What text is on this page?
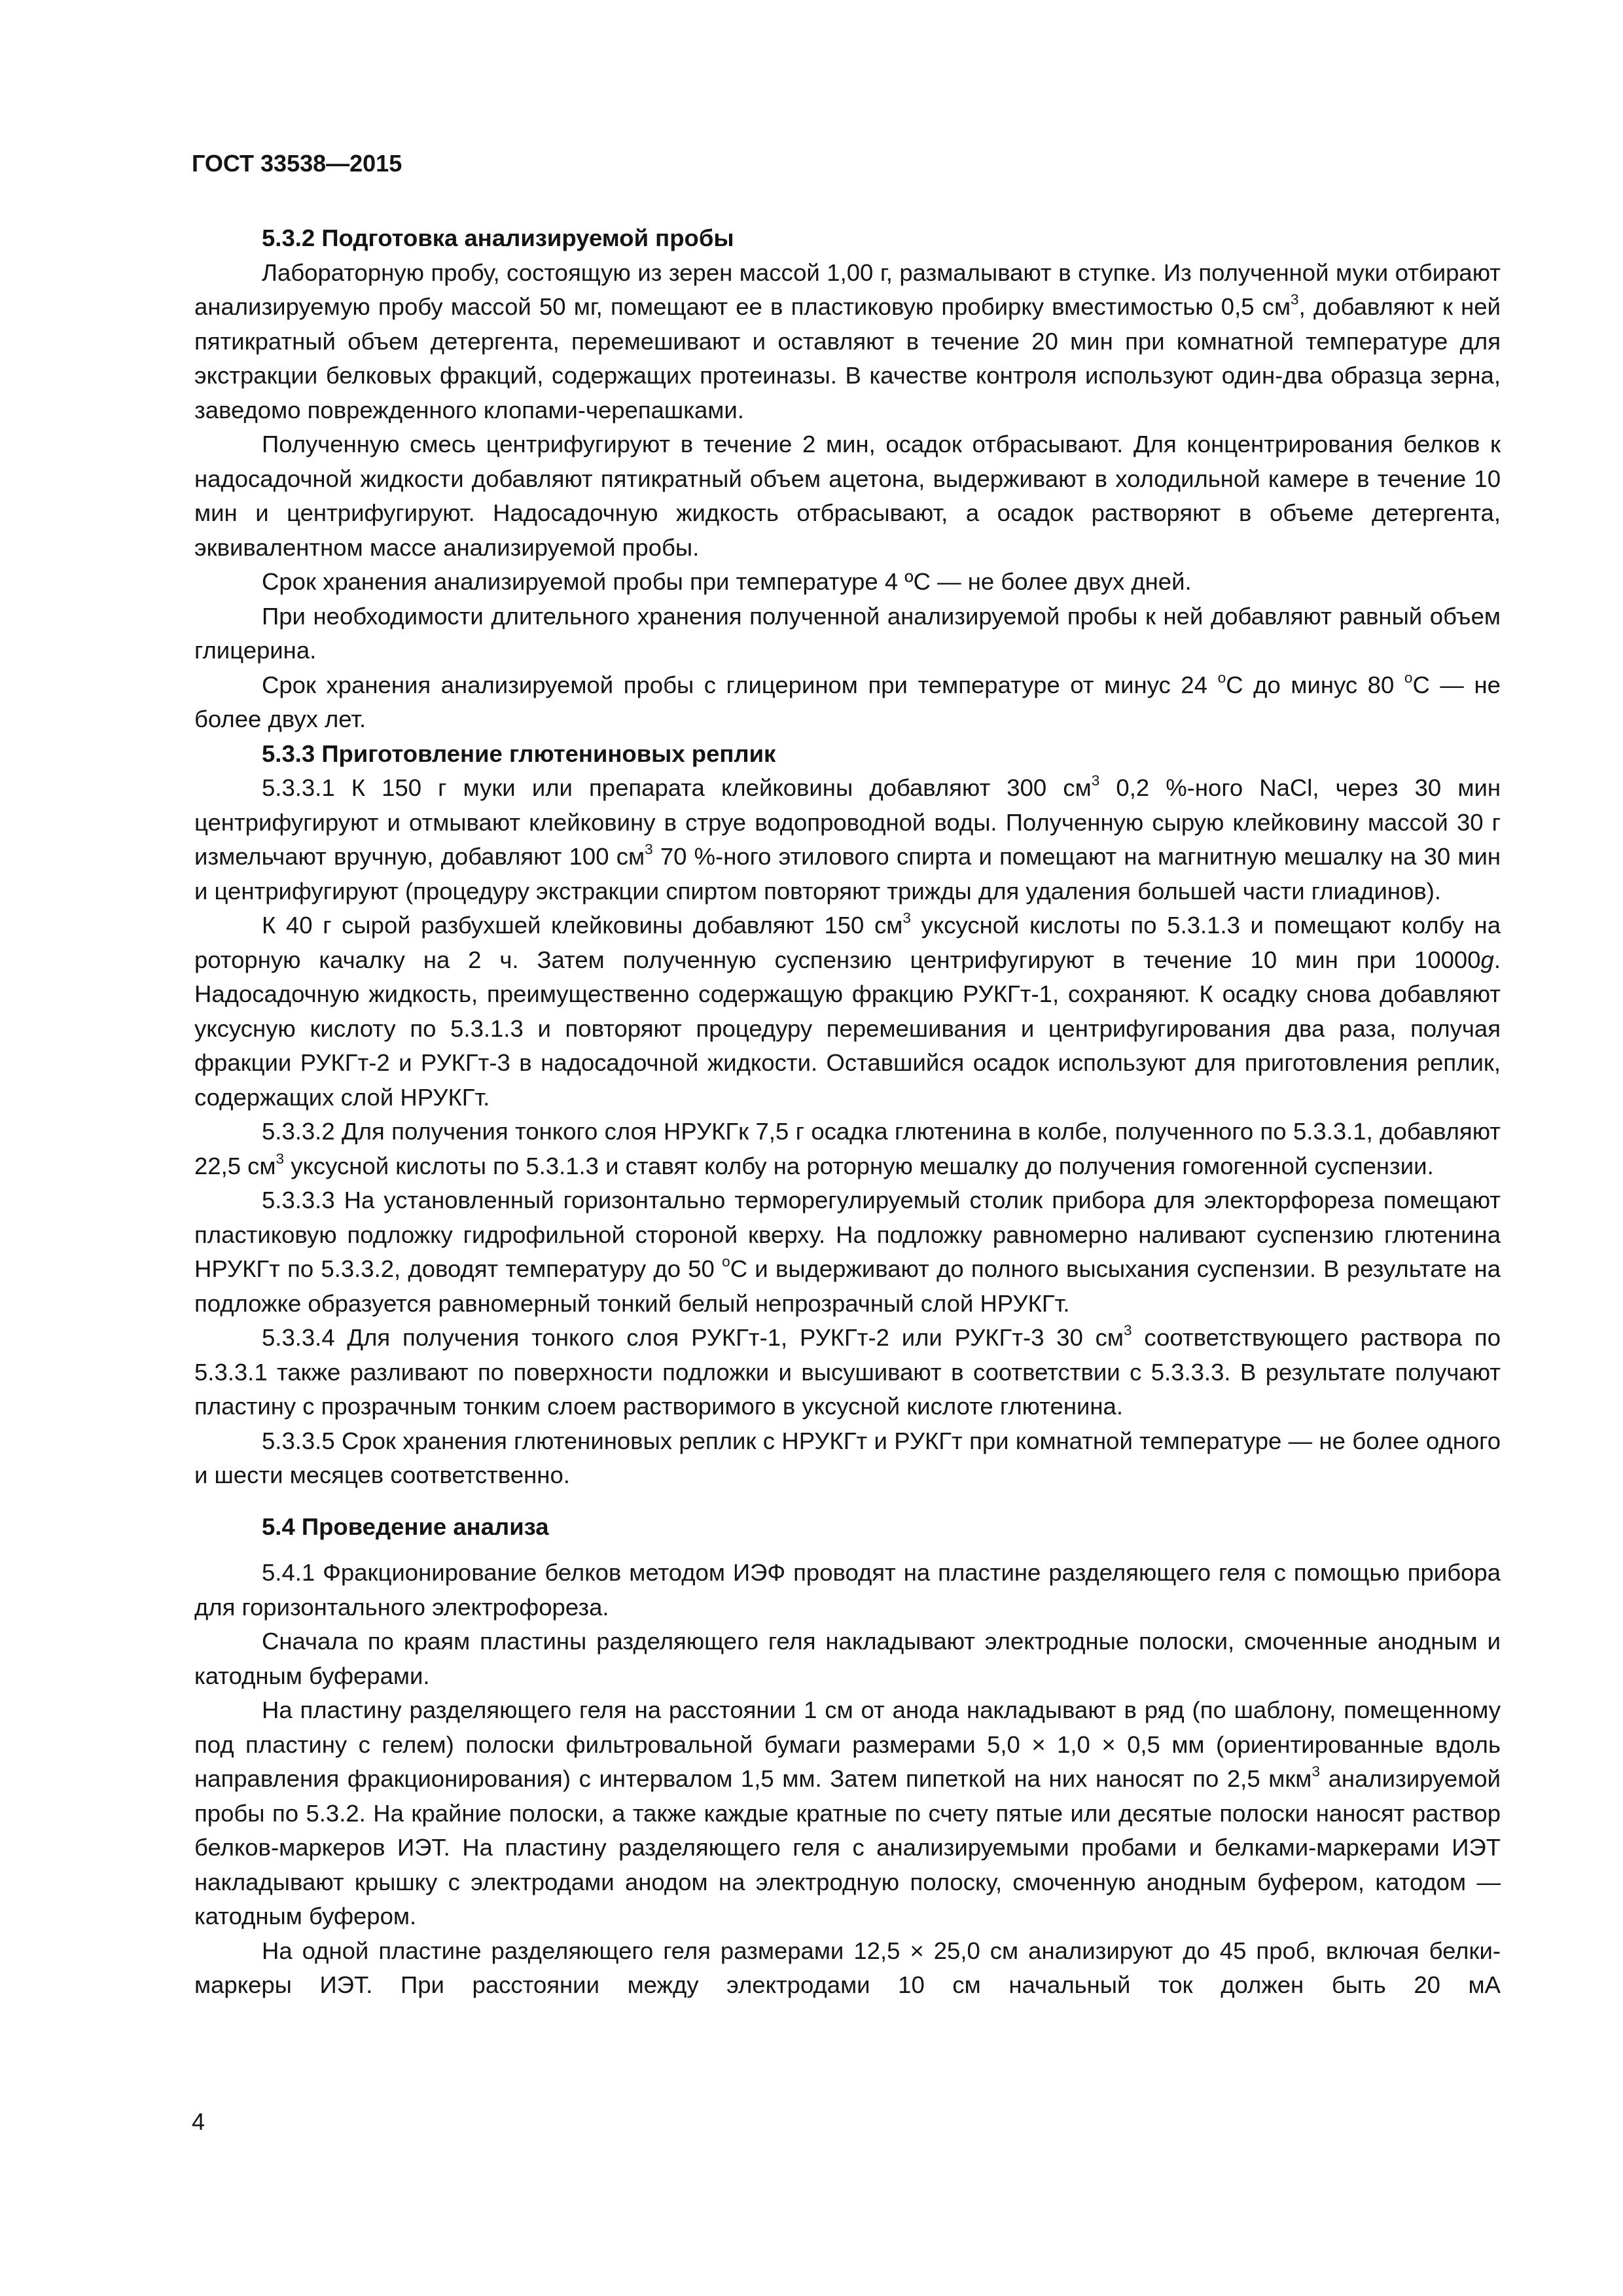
ГОСТ 33538—2015

5.3.2 Подготовка анализируемой пробы

Лабораторную пробу, состоящую из зерен массой 1,00 г, размалывают в ступке. Из полученной муки отбирают анализируемую пробу массой 50 мг, помещают ее в пластиковую пробирку вместимостью 0,5 $см^3$, добавляют к ней пятикратный объем детергента, перемешивают и оставляют в течение 20 мин при комнатной температуре для экстракции белковых фракций, содержащих протеиназы. В качестве контроля используют один-два образца зерна, заведомо поврежденного клопами-черепашками.

Полученную смесь центрифугируют в течение 2 мин, осадок отбрасывают. Для концентрирования белков к надосадочной жидкости добавляют пятикратный объем ацетона, выдерживают в холодильной камере в течение 10 мин и центрифугируют. Надосадочную жидкость отбрасывают, а осадок растворяют в объеме детергента, эквивалентном массе анализируемой пробы.

Срок хранения анализируемой пробы при температуре 4 ºС — не более двух дней.

При необходимости длительного хранения полученной анализируемой пробы к ней добавляют равный объем глицерина.

Срок хранения анализируемой пробы с глицерином при температуре от минус 24 $^о$С до минус 80 $^о$С — не более двух лет.

5.3.3 Приготовление глютениновых реплик

5.3.3.1 К 150 г муки или препарата клейковины добавляют 300 $см^3$ 0,2 %-ного NaCl, через 30 мин центрифугируют и отмывают клейковину в струе водопроводной воды. Полученную сырую клейковину массой 30 г измельчают вручную, добавляют 100 $см^3$ 70 %-ного этилового спирта и помещают на магнитную мешалку на 30 мин и центрифугируют (процедуру экстракции спиртом повторяют трижды для удаления большей части глиадинов).

К 40 г сырой разбухшей клейковины добавляют 150 $см^3$ уксусной кислоты по 5.3.1.3 и помещают колбу на роторную качалку на 2 ч. Затем полученную суспензию центрифугируют в течение 10 мин при 10000g. Надосадочную жидкость, преимущественно содержащую фракцию РУКГт-1, сохраняют. К осадку снова добавляют уксусную кислоту по 5.3.1.3 и повторяют процедуру перемешивания и центрифугирования два раза, получая фракции РУКГт-2 и РУКГт-3 в надосадочной жидкости. Оставшийся осадок используют для приготовления реплик, содержащих слой НРУКГт.

5.3.3.2 Для получения тонкого слоя НРУКГк 7,5 г осадка глютенина в колбе, полученного по 5.3.3.1, добавляют 22,5 $см^3$ уксусной кислоты по 5.3.1.3 и ставят колбу на роторную мешалку до получения гомогенной суспензии.

5.3.3.3 На установленный горизонтально терморегулируемый столик прибора для электорфореза помещают пластиковую подложку гидрофильной стороной кверху. На подложку равномерно наливают суспензию глютенина НРУКГт по 5.3.3.2, доводят температуру до 50 $^о$С и выдерживают до полного высыхания суспензии. В результате на подложке образуется равномерный тонкий белый непрозрачный слой НРУКГт.

5.3.3.4 Для получения тонкого слоя РУКГт-1, РУКГт-2 или РУКГт-3 30 $см^3$ соответствующего раствора по 5.3.3.1 также разливают по поверхности подложки и высушивают в соответствии с 5.3.3.3. В результате получают пластину с прозрачным тонким слоем растворимого в уксусной кислоте глютенина.

5.3.3.5 Срок хранения глютениновых реплик с НРУКГт и РУКГт при комнатной температуре — не более одного и шести месяцев соответственно.

5.4 Проведение анализа

5.4.1 Фракционирование белков методом ИЭФ проводят на пластине разделяющего геля с помощью прибора для горизонтального электрофореза.

Сначала по краям пластины разделяющего геля накладывают электродные полоски, смоченные анодным и катодным буферами.

На пластину разделяющего геля на расстоянии 1 см от анода накладывают в ряд (по шаблону, помещенному под пластину с гелем) полоски фильтровальной бумаги размерами 5,0 × 1,0 × 0,5 мм (ориентированные вдоль направления фракционирования) с интервалом 1,5 мм. Затем пипеткой на них наносят по 2,5 мкм$^3$ анализируемой пробы по 5.3.2. На крайние полоски, а также каждые кратные по счету пятые или десятые полоски наносят раствор белков-маркеров ИЭТ. На пластину разделяющего геля с анализируемыми пробами и белками-маркерами ИЭТ накладывают крышку с электродами анодом на электродную полоску, смоченную анодным буфером, катодом — катодным буфером.

На одной пластине разделяющего геля размерами 12,5 × 25,0 см анализируют до 45 проб, включая белки-маркеры ИЭТ. При расстоянии между электродами 10 см начальный ток должен быть 20 мА

4
